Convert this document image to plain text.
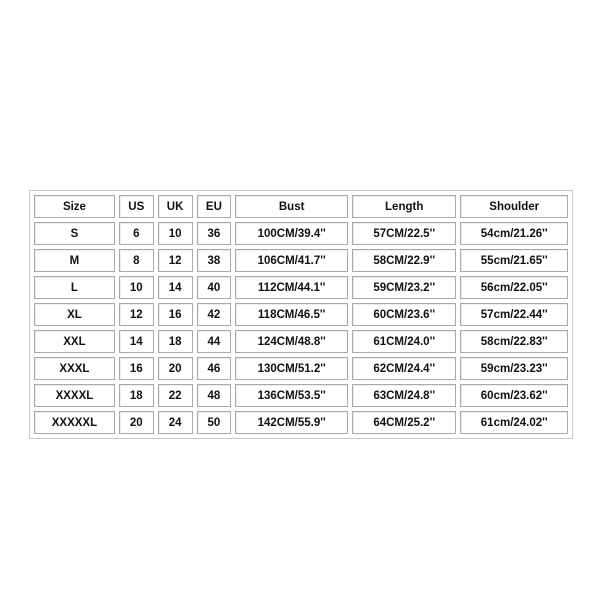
Size	US	UK	EU	Bust	Length	Shoulder
S	6	10	36	100CM/39.4''	57CM/22.5''	54cm/21.26''
M	8	12	38	106CM/41.7''	58CM/22.9''	55cm/21.65''
L	10	14	40	112CM/44.1''	59CM/23.2''	56cm/22.05''
XL	12	16	42	118CM/46.5''	60CM/23.6''	57cm/22.44''
XXL	14	18	44	124CM/48.8''	61CM/24.0''	58cm/22.83''
XXXL	16	20	46	130CM/51.2''	62CM/24.4''	59cm/23.23''
XXXXL	18	22	48	136CM/53.5''	63CM/24.8''	60cm/23.62''
XXXXXL	20	24	50	142CM/55.9''	64CM/25.2''	61cm/24.02''
